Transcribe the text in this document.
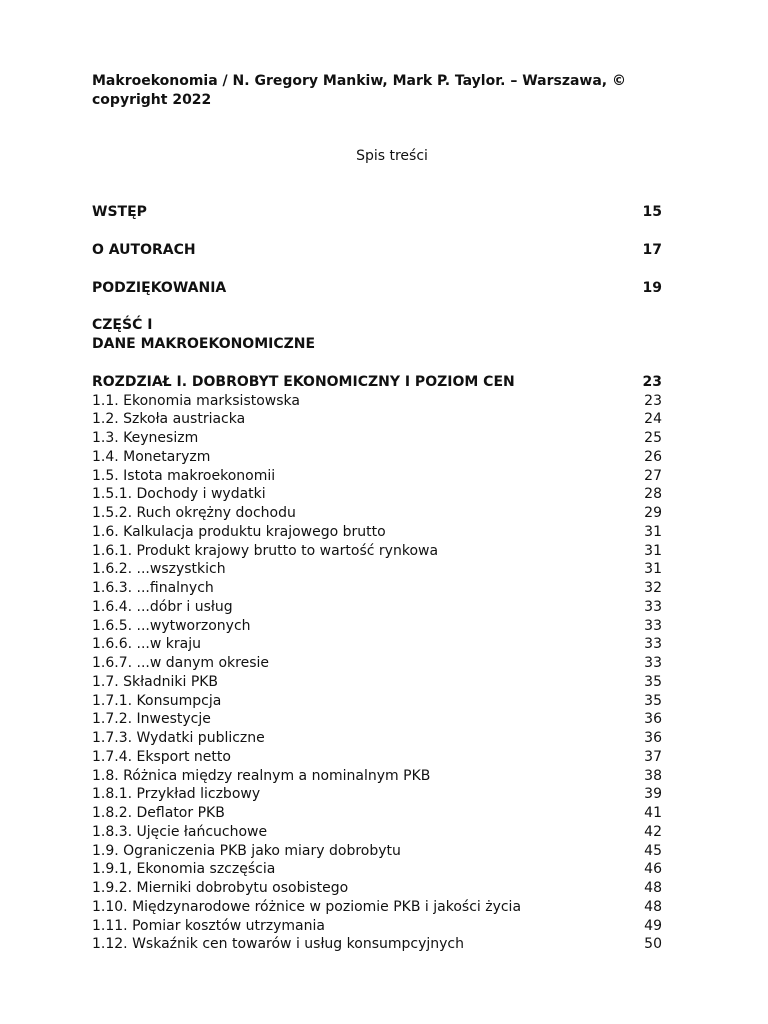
Makroekonomia / N. Gregory Mankiw, Mark P. Taylor. – Warszawa, ©
copyright 2022
Spis treści
WSTĘP	15
O AUTORACH	17
PODZIĘKOWANIA	19
CZĘŚĆ I
DANE MAKROEKONOMICZNE
ROZDZIAŁ I. DOBROBYT EKONOMICZNY I POZIOM CEN	23
1.1. Ekonomia marksistowska	23
1.2. Szkoła austriacka	24
1.3. Keynesizm	25
1.4. Monetaryzm	26
1.5. Istota makroekonomii	27
1.5.1. Dochody i wydatki	28
1.5.2. Ruch okrężny dochodu	29
1.6. Kalkulacja produktu krajowego brutto	31
1.6.1. Produkt krajowy brutto to wartość rynkowa	31
1.6.2. ...wszystkich	31
1.6.3. ...finalnych	32
1.6.4. ...dóbr i usług	33
1.6.5. ...wytworzonych	33
1.6.6. ...w kraju	33
1.6.7. ...w danym okresie	33
1.7. Składniki PKB	35
1.7.1. Konsumpcja	35
1.7.2. Inwestycje	36
1.7.3. Wydatki publiczne	36
1.7.4. Eksport netto	37
1.8. Różnica między realnym a nominalnym PKB	38
1.8.1. Przykład liczbowy	39
1.8.2. Deflator PKB	41
1.8.3. Ujęcie łańcuchowe	42
1.9. Ograniczenia PKB jako miary dobrobytu	45
1.9.1, Ekonomia szczęścia	46
1.9.2. Mierniki dobrobytu osobistego	48
1.10. Międzynarodowe różnice w poziomie PKB i jakości życia	48
1.11. Pomiar kosztów utrzymania	49
1.12. Wskaźnik cen towarów i usług konsumpcyjnych	50
